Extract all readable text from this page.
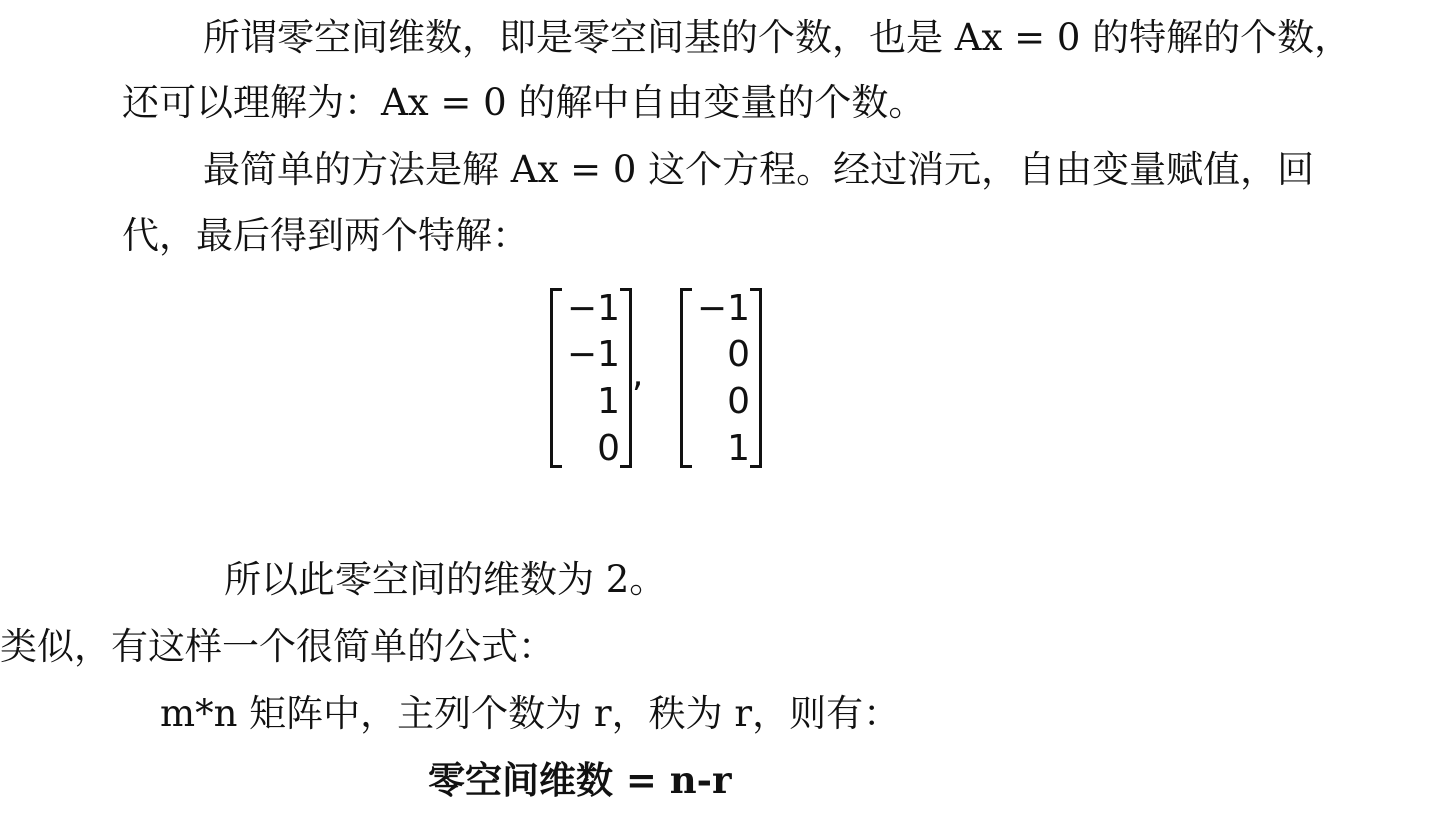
所谓零空间维数，即是零空间基的个数，也是 Ax = 0 的特解的个数，
还可以理解为：Ax = 0 的解中自由变量的个数。
最简单的方法是解 Ax = 0 这个方程。经过消元，自由变量赋值，回
代，最后得到两个特解：
−1
−1
1
0
,
−1
0
0
1
所以此零空间的维数为 2。
类似，有这样一个很简单的公式：
m*n 矩阵中，主列个数为 r，秩为 r，则有：
零空间维数 = n-r
